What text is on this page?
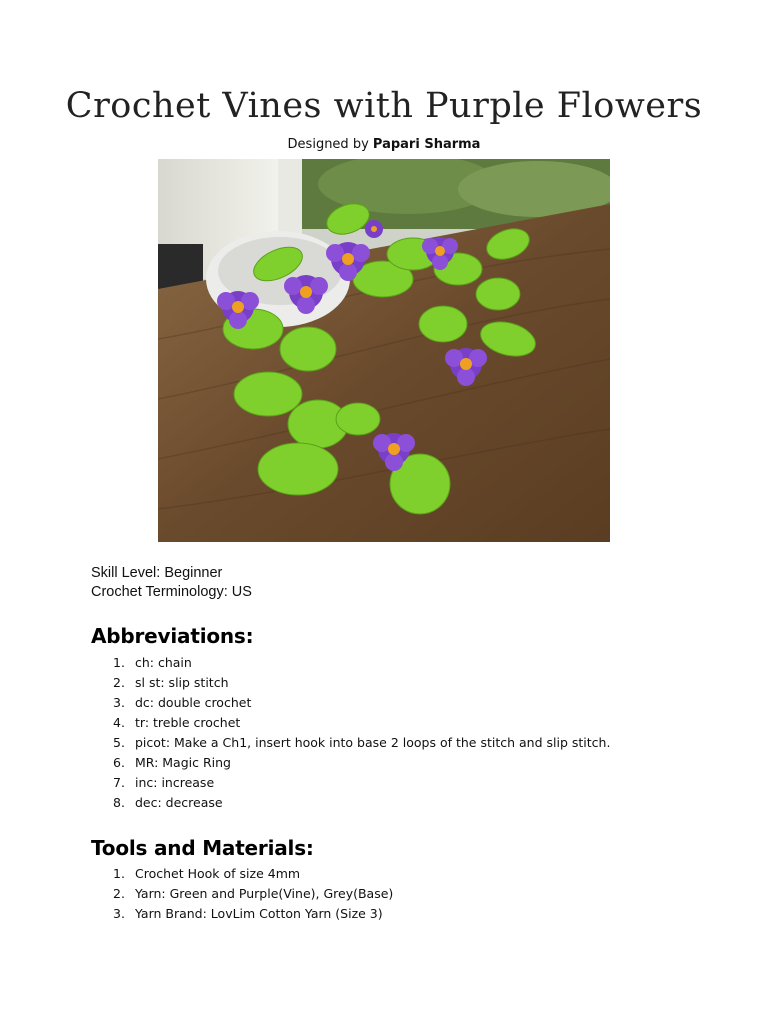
Crochet Vines with Purple Flowers
Designed by Papari Sharma
Skill Level: Beginner
Crochet Terminology: US
Abbreviations:
1. ch: chain
2. sl st: slip stitch
3. dc: double crochet
4. tr: treble crochet
5. picot: Make a Ch1, insert hook into base 2 loops of the stitch and slip stitch.
6. MR: Magic Ring
7. inc: increase
8. dec: decrease
Tools and Materials:
1. Crochet Hook of size 4mm
2. Yarn: Green and Purple(Vine), Grey(Base)
3. Yarn Brand: LovLim Cotton Yarn (Size 3)
